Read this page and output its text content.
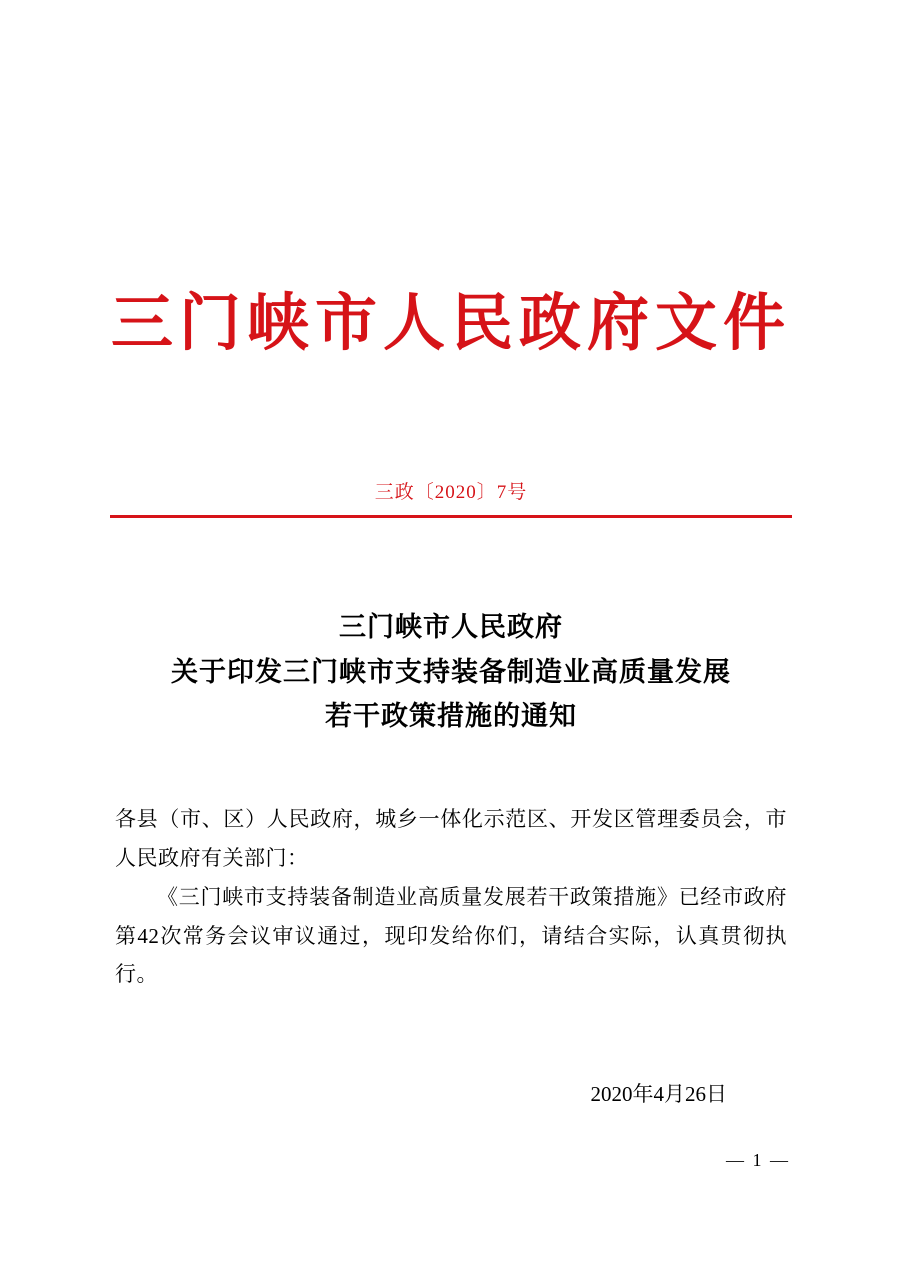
三门峡市人民政府文件
三政〔2020〕7号
三门峡市人民政府
关于印发三门峡市支持装备制造业高质量发展
若干政策措施的通知

各县（市、区）人民政府，城乡一体化示范区、开发区管理委员会，市人民政府有关部门：

《三门峡市支持装备制造业高质量发展若干政策措施》已经市政府第42次常务会议审议通过，现印发给你们，请结合实际，认真贯彻执行。

2020年4月26日
— 1 —
